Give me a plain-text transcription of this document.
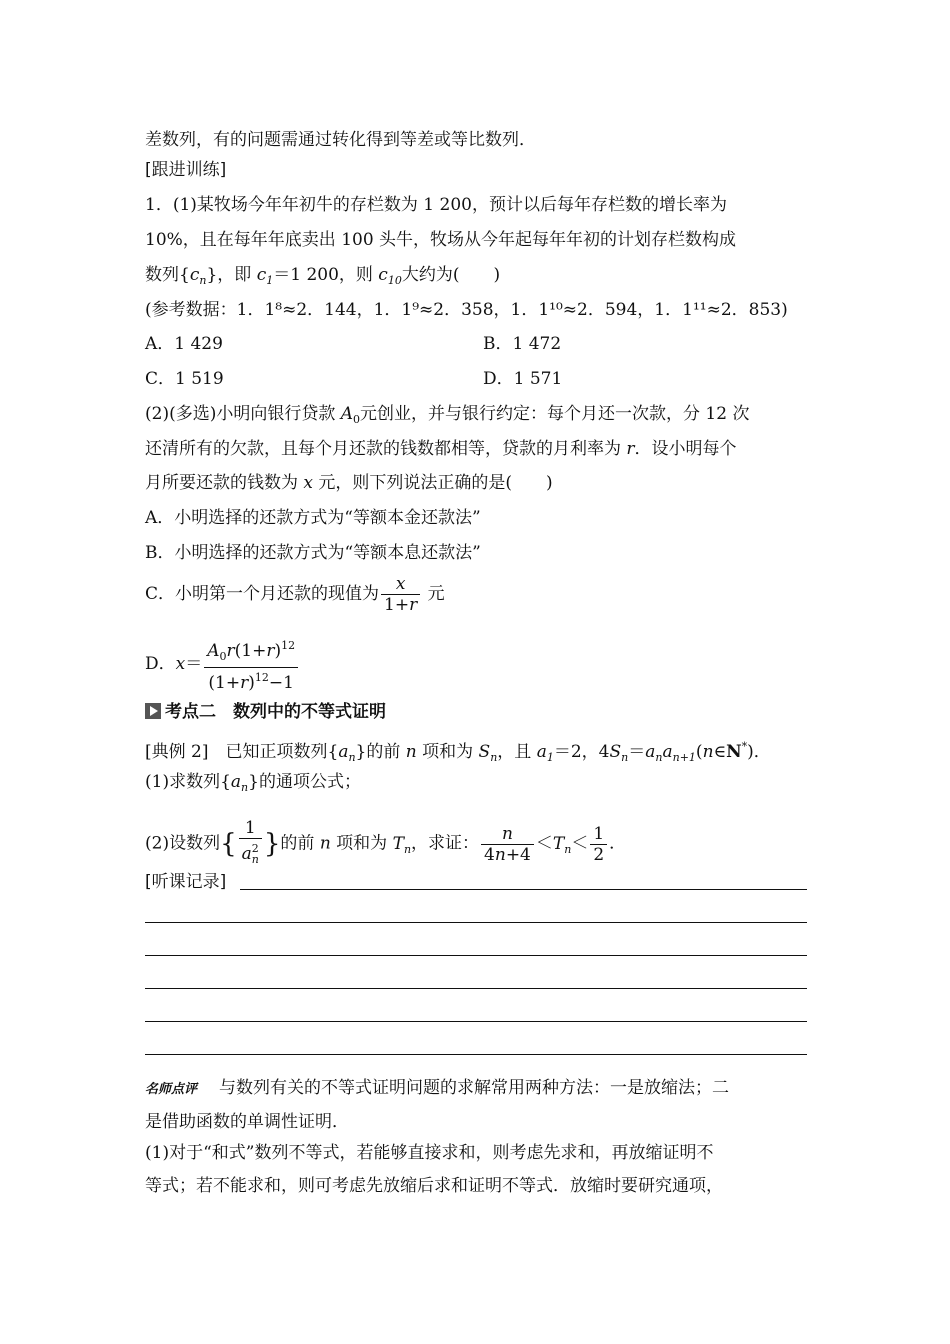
差数列，有的问题需通过转化得到等差或等比数列．
[跟进训练]
1．(1)某牧场今年年初牛的存栏数为 1 200，预计以后每年存栏数的增长率为
10%，且在每年年底卖出 100 头牛，牧场从今年起每年年初的计划存栏数构成
数列$\{c_n\}$，即 $c_1=1$ 200，则 $c_{10}$大约为(　　)
(参考数据：1．1⁸≈2．144，1．1⁹≈2．358，1．1¹⁰≈2．594，1．1¹¹≈2．853)
A．1 429	B．1 472
C．1 519	D．1 571
(2)(多选)小明向银行贷款 $A_0$元创业，并与银行约定：每个月还一次款，分 12 次
还清所有的欠款，且每个月还款的钱数都相等，贷款的月利率为 r．设小明每个
月所要还款的钱数为 x 元，则下列说法正确的是(　　)
A．小明选择的还款方式为“等额本金还款法”
B．小明选择的还款方式为“等额本息还款法”
C．小明第一个月还款的现值为 $\frac{x}{1+r}$ 元
D．$x= \frac{A_0r(1+r)^{12}}{(1+r)^{12}-1}$
考点二　数列中的不等式证明
[典例 2]　已知正项数列$\{a_n\}$的前 n 项和为 $S_n$，且 $a_1=2$，$4S_n=a_na_{n+1}(n\in N^*)$．
(1)求数列$\{a_n\}$的通项公式；
(2)设数列{ $\frac{1}{a^2_n}$ }的前 n 项和为 $T_n$，求证： $\frac{n}{4n+4} <T_n< \frac{1}{2}$ ．
[听课记录]
名师点评 与数列有关的不等式证明问题的求解常用两种方法：一是放缩法；二
是借助函数的单调性证明．
(1)对于“和式”数列不等式，若能够直接求和，则考虑先求和，再放缩证明不
等式；若不能求和，则可考虑先放缩后求和证明不等式．放缩时要研究通项，
